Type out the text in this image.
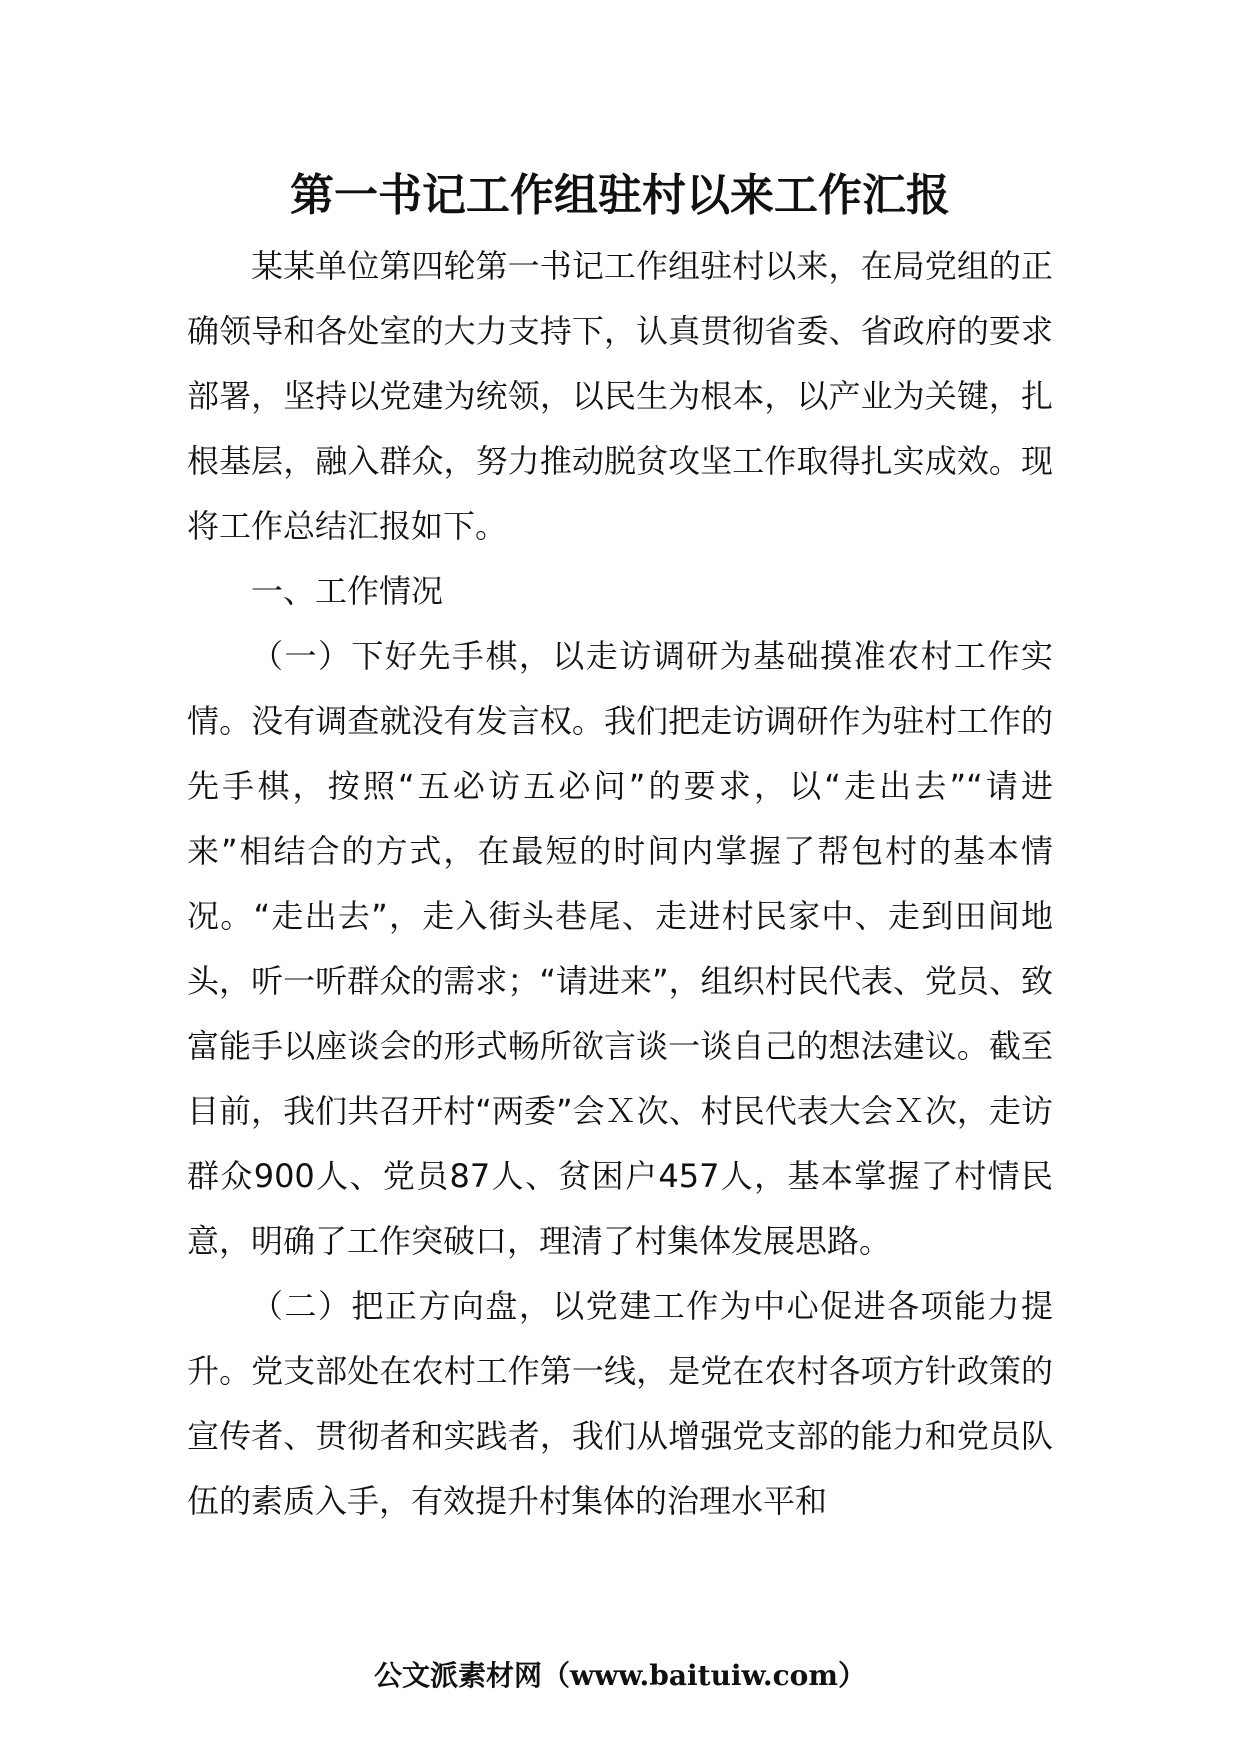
第一书记工作组驻村以来工作汇报

某某单位第四轮第一书记工作组驻村以来，在局党组的正确领导和各处室的大力支持下，认真贯彻省委、省政府的要求部署，坚持以党建为统领，以民生为根本，以产业为关键，扎根基层，融入群众，努力推动脱贫攻坚工作取得扎实成效。现将工作总结汇报如下。

一、工作情况

（一）下好先手棋，以走访调研为基础摸准农村工作实情。没有调查就没有发言权。我们把走访调研作为驻村工作的先手棋，按照“五必访五必问”的要求，以“走出去”“请进来”相结合的方式，在最短的时间内掌握了帮包村的基本情况。“走出去”，走入街头巷尾、走进村民家中、走到田间地头，听一听群众的需求；“请进来”，组织村民代表、党员、致富能手以座谈会的形式畅所欲言谈一谈自己的想法建议。截至目前，我们共召开村“两委”会Ｘ次、村民代表大会Ｘ次，走访群众900人、党员87人、贫困户457人，基本掌握了村情民意，明确了工作突破口，理清了村集体发展思路。

（二）把正方向盘，以党建工作为中心促进各项能力提升。党支部处在农村工作第一线，是党在农村各项方针政策的宣传者、贯彻者和实践者，我们从增强党支部的能力和党员队伍的素质入手，有效提升村集体的治理水平和

公文派素材网（www.baituiw.com）
